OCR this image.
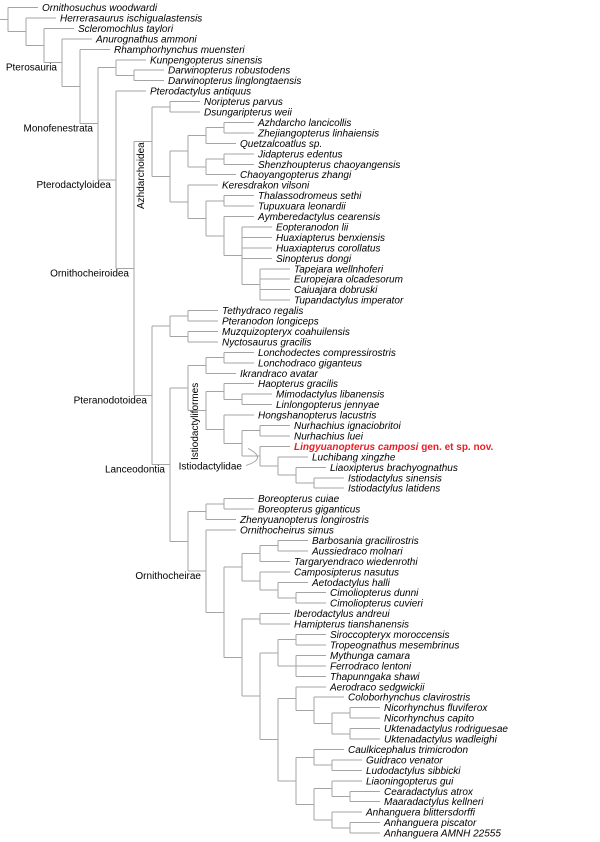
Ornithosuchus woodwardi
Herrerasaurus ischigualastensis
Scleromochlus taylori
Anurognathus ammoni
Rhamphorhynchus muensteri
Kunpengopterus sinensis
Darwinopterus robustodens
Darwinopterus linglongtaensis
Pterodactylus antiquus
Noripterus parvus
Dsungaripterus weii
Azhdarcho lancicollis
Zhejiangopterus linhaiensis
Quetzalcoatlus sp.
Jidapterus edentus
Shenzhoupterus chaoyangensis
Chaoyangopterus zhangi
Keresdrakon vilsoni
Thalassodromeus sethi
Tupuxuara leonardii
Aymberedactylus cearensis
Eopteranodon lii
Huaxiapterus benxiensis
Huaxiapterus corollatus
Sinopterus dongi
Tapejara wellnhoferi
Europejara olcadesorum
Caiuajara dobruski
Tupandactylus imperator
Azhdarchoidea
Tethydraco regalis
Pteranodon longiceps
Muzquizopteryx coahuilensis
Nyctosaurus gracilis
Lonchodectes compressirostris
Lonchodraco giganteus
Ikrandraco avatar
Haopterus gracilis
Mimodactylus libanensis
Linlongopterus jennyae
Hongshanopterus lacustris
Nurhachius ignaciobritoi
Nurhachius luei
Lingyuanopterus camposi gen. et sp. nov.
Luchibang xingzhe
Liaoxipterus brachyognathus
Istiodactylus sinensis
Istiodactylus latidens
Istiodactylidae
Istiodactyliformes
Boreopterus cuiae
Boreopterus giganticus
Zhenyuanopterus longirostris
Ornithocheirus simus
Barbosania gracilirostris
Aussiedraco molnari
Targaryendraco wiedenrothi
Camposipterus nasutus
Aetodactylus halli
Cimoliopterus dunni
Cimoliopterus cuvieri
Iberodactylus andreui
Hamipterus tianshanensis
Siroccopteryx moroccensis
Tropeognathus mesembrinus
Mythunga camara
Ferrodraco lentoni
Thapunngaka shawi
Aerodraco sedgwickii
Coloborhynchus clavirostris
Nicorhynchus fluviferox
Nicorhynchus capito
Uktenadactylus rodriguesae
Uktenadactylus wadleighi
Caulkicephalus trimicrodon
Guidraco venator
Ludodactylus sibbicki
Liaoningopterus gui
Cearadactylus atrox
Maaradactylus kellneri
Anhanguera blittersdorffi
Anhanguera piscator
Anhanguera AMNH 22555
Ornithocheirae
Lanceodontia
Pteranodotoidea
Ornithocheiroidea
Pterodactyloidea
Monofenestrata
Pterosauria
